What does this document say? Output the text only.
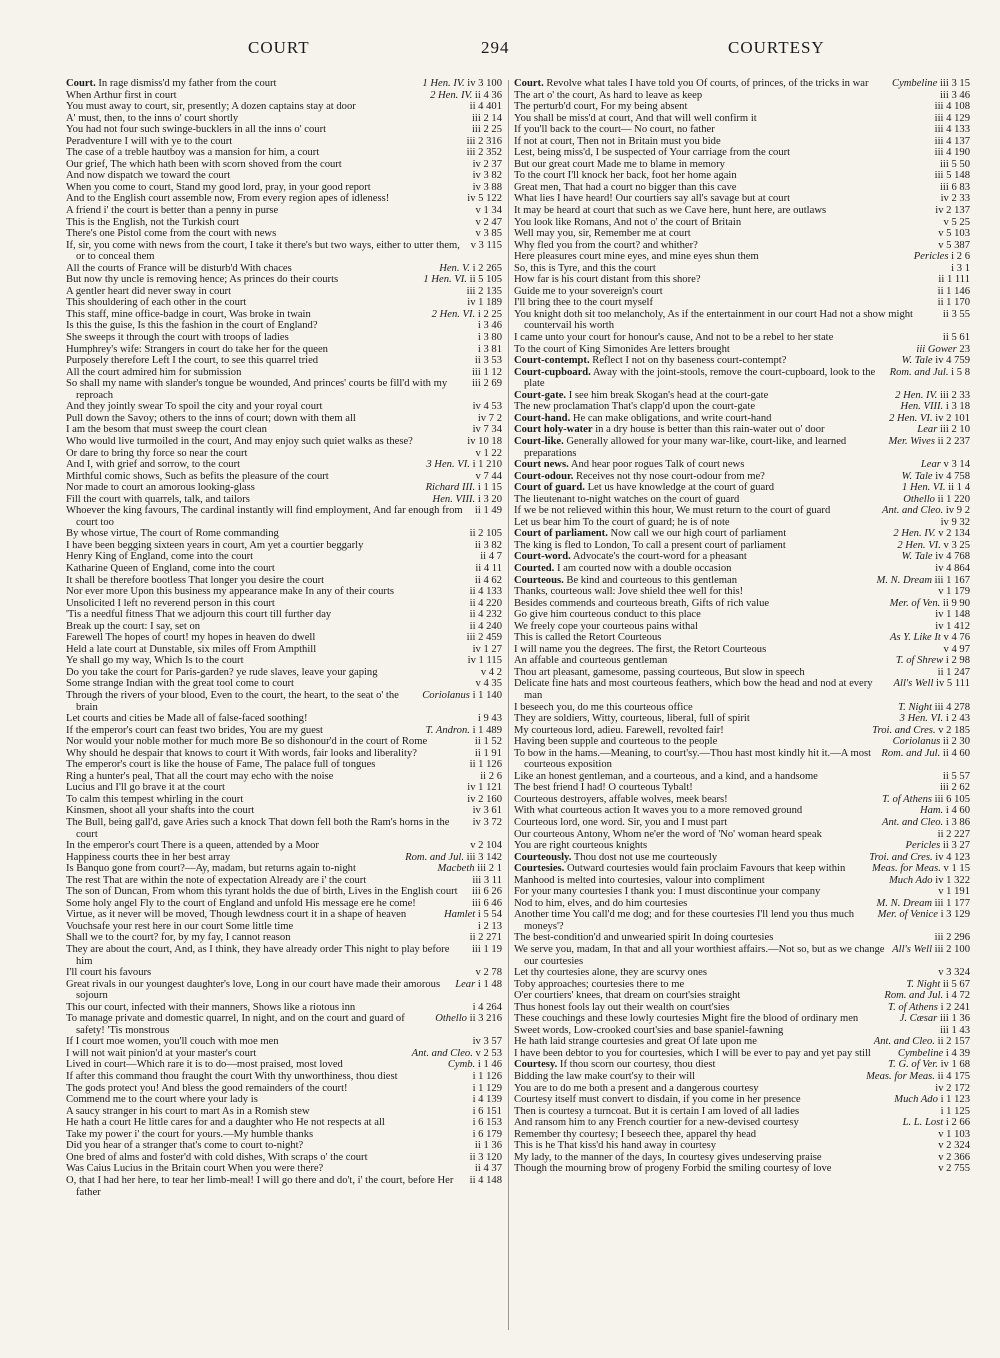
COURT	294	COURTESY
1 Hen. IV. iv 3 100
Court. In rage dismiss'd my father from the court
2 Hen. IV. ii 4 36
When Arthur first in court
ii 4 401
You must away to court, sir, presently; A dozen captains stay at door
iii 2 14
A' must, then, to the inns o' court shortly
iii 2 25
You had not four such swinge-bucklers in all the inns o' court
iii 2 316
Peradventure I will with ye to the court
iii 2 352
The case of a treble hautboy was a mansion for him, a court
iv 2 37
Our grief, The which hath been with scorn shoved from the court
iv 3 82
And now dispatch we toward the court
iv 3 88
When you come to court, Stand my good lord, pray, in your good report
iv 5 122
And to the English court assemble now, From every region apes of idleness!
v 1 34
A friend i' the court is better than a penny in purse
v 2 47
This is the English, not the Turkish court
v 3 85
There's one Pistol come from the court with news
v 3 115
If, sir, you come with news from the court, I take it there's but two ways, either to utter them, or to conceal them
Hen. V. i 2 265
All the courts of France will be disturb'd With chaces
1 Hen. VI. ii 5 105
But now thy uncle is removing hence; As princes do their courts
iii 2 135
A gentler heart did never sway in court
iv 1 189
This shouldering of each other in the court
2 Hen. VI. i 2 25
This staff, mine office-badge in court, Was broke in twain
i 3 46
Is this the guise, Is this the fashion in the court of England?
i 3 80
She sweeps it through the court with troops of ladies
i 3 81
Humphrey's wife: Strangers in court do take her for the queen
ii 3 53
Purposely therefore Left I the court, to see this quarrel tried
iii 1 12
All the court admired him for submission
iii 2 69
So shall my name with slander's tongue be wounded, And princes' courts be fill'd with my reproach
iv 4 53
And they jointly swear To spoil the city and your royal court
iv 7 2
Pull down the Savoy; others to the inns of court; down with them all
iv 7 34
I am the besom that must sweep the court clean
iv 10 18
Who would live turmoiled in the court, And may enjoy such quiet walks as these?
v 1 22
Or dare to bring thy force so near the court
3 Hen. VI. i 1 210
And I, with grief and sorrow, to the court
v 7 44
Mirthful comic shows, Such as befits the pleasure of the court
Richard III. i 1 15
Nor made to court an amorous looking-glass
Hen. VIII. i 3 20
Fill the court with quarrels, talk, and tailors
ii 1 49
Whoever the king favours, The cardinal instantly will find employment, And far enough from court too
ii 2 105
By whose virtue, The court of Rome commanding
ii 3 82
I have been begging sixteen years in court, Am yet a courtier beggarly
ii 4 7
Henry King of England, come into the court
ii 4 11
Katharine Queen of England, come into the court
ii 4 62
It shall be therefore bootless That longer you desire the court
ii 4 133
Nor ever more Upon this business my appearance make In any of their courts
ii 4 220
Unsolicited I left no reverend person in this court
ii 4 232
'Tis a needful fitness That we adjourn this court till further day
ii 4 240
Break up the court: I say, set on
iii 2 459
Farewell The hopes of court! my hopes in heaven do dwell
iv 1 27
Held a late court at Dunstable, six miles off From Ampthill
iv 1 115
Ye shall go my way, Which Is to the court
v 4 2
Do you take the court for Paris-garden? ye rude slaves, leave your gaping
v 4 35
Some strange Indian with the great tool come to court
Coriolanus i 1 140
Through the rivers of your blood, Even to the court, the heart, to the seat o' the brain
i 9 43
Let courts and cities be Made all of false-faced soothing!
T. Andron. i 1 489
If the emperor's court can feast two brides, You are my guest
ii 1 52
Nor would your noble mother for much more Be so dishonour'd in the court of Rome
ii 1 91
Why should he despair that knows to court it With words, fair looks and liberality?
ii 1 126
The emperor's court is like the house of Fame, The palace full of tongues
ii 2 6
Ring a hunter's peal, That all the court may echo with the noise
iv 1 121
Lucius and I'll go brave it at the court
iv 2 160
To calm this tempest whirling in the court
iv 3 61
Kinsmen, shoot all your shafts into the court
iv 3 72
The Bull, being gall'd, gave Aries such a knock That down fell both the Ram's horns in the court
v 2 104
In the emperor's court There is a queen, attended by a Moor
Rom. and Jul. iii 3 142
Happiness courts thee in her best array
Macbeth iii 2 1
Is Banquo gone from court?—Ay, madam, but returns again to-night
iii 3 11
The rest That are within the note of expectation Already are i' the court
iii 6 26
The son of Duncan, From whom this tyrant holds the due of birth, Lives in the English court
iii 6 46
Some holy angel Fly to the court of England and unfold His message ere he come!
Hamlet i 5 54
Virtue, as it never will be moved, Though lewdness court it in a shape of heaven
i 2 13
Vouchsafe your rest here in our court Some little time
ii 2 271
Shall we to the court? for, by my fay, I cannot reason
iii 1 19
They are about the court, And, as I think, they have already order This night to play before him
v 2 78
I'll court his favours
Lear i 1 48
Great rivals in our youngest daughter's love, Long in our court have made their amorous sojourn
i 4 264
This our court, infected with their manners, Shows like a riotous inn
Othello ii 3 216
To manage private and domestic quarrel, In night, and on the court and guard of safety! 'Tis monstrous
iv 3 57
If I court moe women, you'll couch with moe men
Ant. and Cleo. v 2 53
I will not wait pinion'd at your master's court
Cymb. i 1 46
Lived in court—Which rare it is to do—most praised, most loved
i 1 126
If after this command thou fraught the court With thy unworthiness, thou diest
i 1 129
The gods protect you! And bless the good remainders of the court!
i 4 139
Commend me to the court where your lady is
i 6 151
A saucy stranger in his court to mart As in a Romish stew
i 6 153
He hath a court He little cares for and a daughter who He not respects at all
i 6 179
Take my power i' the court for yours.—My humble thanks
ii 1 36
Did you hear of a stranger that's come to court to-night?
ii 3 120
One bred of alms and foster'd with cold dishes, With scraps o' the court
ii 4 37
Was Caius Lucius in the Britain court When you were there?
ii 4 148
O, that I had her here, to tear her limb-meal! I will go there and do't, i' the court, before Her father
Cymbeline iii 3 15
Court. Revolve what tales I have told you Of courts, of princes, of the tricks in war
iii 3 46
The art o' the court, As hard to leave as keep
iii 4 108
The perturb'd court, For my being absent
iii 4 129
You shall be miss'd at court, And that will well confirm it
iii 4 133
If you'll back to the court— No court, no father
iii 4 137
If not at court, Then not in Britain must you bide
iii 4 190
Lest, being miss'd, I be suspected of Your carriage from the court
iii 5 50
But our great court Made me to blame in memory
iii 5 148
To the court I'll knock her back, foot her home again
iii 6 83
Great men, That had a court no bigger than this cave
iv 2 33
What lies I have heard! Our courtiers say all's savage but at court
iv 2 137
It may be heard at court that such as we Cave here, hunt here, are outlaws
v 5 25
You look like Romans, And not o' the court of Britain
v 5 103
Well may you, sir, Remember me at court
v 5 387
Why fled you from the court? and whither?
Pericles i 2 6
Here pleasures court mine eyes, and mine eyes shun them
i 3 1
So, this is Tyre, and this the court
ii 1 111
How far is his court distant from this shore?
ii 1 146
Guide me to your sovereign's court
ii 1 170
I'll bring thee to the court myself
ii 3 55
You knight doth sit too melancholy, As if the entertainment in our court Had not a show might countervail his worth
ii 5 61
I came unto your court for honour's cause, And not to be a rebel to her state
iii Gower 23
To the court of King Simonides Are letters brought
W. Tale iv 4 759
Court-contempt. Reflect I not on thy baseness court-contempt?
Rom. and Jul. i 5 8
Court-cupboard. Away with the joint-stools, remove the court-cupboard, look to the plate
2 Hen. IV. iii 2 33
Court-gate. I see him break Skogan's head at the court-gate
Hen. VIII. i 3 18
The new proclamation That's clapp'd upon the court-gate
2 Hen. VI. iv 2 101
Court-hand. He can make obligations, and write court-hand
Lear iii 2 10
Court holy-water in a dry house is better than this rain-water out o' door
Mer. Wives ii 2 237
Court-like. Generally allowed for your many war-like, court-like, and learned preparations
Lear v 3 14
Court news. And hear poor rogues Talk of court news
W. Tale iv 4 758
Court-odour. Receives not thy nose court-odour from me?
1 Hen. VI. ii 1 4
Court of guard. Let us have knowledge at the court of guard
Othello ii 1 220
The lieutenant to-night watches on the court of guard
Ant. and Cleo. iv 9 2
If we be not relieved within this hour, We must return to the court of guard
iv 9 32
Let us bear him To the court of guard; he is of note
2 Hen. IV. v 2 134
Court of parliament. Now call we our high court of parliament
2 Hen. VI. v 3 25
The king is fled to London, To call a present court of parliament
W. Tale iv 4 768
Court-word. Advocate's the court-word for a pheasant
iv 4 864
Courted. I am courted now with a double occasion
M. N. Dream iii 1 167
Courteous. Be kind and courteous to this gentleman
v 1 179
Thanks, courteous wall: Jove shield thee well for this!
Mer. of Ven. ii 9 90
Besides commends and courteous breath, Gifts of rich value
iv 1 148
Go give him courteous conduct to this place
iv 1 412
We freely cope your courteous pains withal
As Y. Like It v 4 76
This is called the Retort Courteous
v 4 97
I will name you the degrees. The first, the Retort Courteous
T. of Shrew i 2 98
An affable and courteous gentleman
ii 1 247
Thou art pleasant, gamesome, passing courteous, But slow in speech
All's Well iv 5 111
Delicate fine hats and most courteous feathers, which bow the head and nod at every man
T. Night iii 4 278
I beseech you, do me this courteous office
3 Hen. VI. i 2 43
They are soldiers, Witty, courteous, liberal, full of spirit
Troi. and Cres. v 2 185
My courteous lord, adieu. Farewell, revolted fair!
Coriolanus ii 2 30
Having been supple and courteous to the people
Rom. and Jul. ii 4 60
To bow in the hams.—Meaning, to court'sy.—Thou hast most kindly hit it.—A most courteous exposition
ii 5 57
Like an honest gentleman, and a courteous, and a kind, and a handsome
iii 2 62
The best friend I had! O courteous Tybalt!
T. of Athens iii 6 105
Courteous destroyers, affable wolves, meek bears!
Ham. i 4 60
With what courteous action It waves you to a more removed ground
Ant. and Cleo. i 3 86
Courteous lord, one word. Sir, you and I must part
ii 2 227
Our courteous Antony, Whom ne'er the word of 'No' woman heard speak
Pericles ii 3 27
You are right courteous knights
Troi. and Cres. iv 4 123
Courteously. Thou dost not use me courteously
Meas. for Meas. v 1 15
Courtesies. Outward courtesies would fain proclaim Favours that keep within
Much Ado iv 1 322
Manhood is melted into courtesies, valour into compliment
v 1 191
For your many courtesies I thank you: I must discontinue your company
M. N. Dream iii 1 177
Nod to him, elves, and do him courtesies
Mer. of Venice i 3 129
Another time You call'd me dog; and for these courtesies I'll lend you thus much moneys'?
iii 2 296
The best-condition'd and unwearied spirit In doing courtesies
All's Well iii 2 100
We serve you, madam, In that and all your worthiest affairs.—Not so, but as we change our courtesies
v 3 324
Let thy courtesies alone, they are scurvy ones
T. Night ii 5 67
Toby approaches; courtesies there to me
Rom. and Jul. i 4 72
O'er courtiers' knees, that dream on court'sies straight
T. of Athens i 2 241
Thus honest fools lay out their wealth on court'sies
J. Cæsar iii 1 36
These couchings and these lowly courtesies Might fire the blood of ordinary men
iii 1 43
Sweet words, Low-crooked court'sies and base spaniel-fawning
Ant. and Cleo. ii 2 157
He hath laid strange courtesies and great Of late upon me
Cymbeline i 4 39
I have been debtor to you for courtesies, which I will be ever to pay and yet pay still
T. G. of Ver. iv 1 68
Courtesy. If thou scorn our courtesy, thou diest
Meas. for Meas. ii 4 175
Bidding the law make court'sy to their will
iv 2 172
You are to do me both a present and a dangerous courtesy
Much Ado i 1 123
Courtesy itself must convert to disdain, if you come in her presence
i 1 125
Then is courtesy a turncoat. But it is certain I am loved of all ladies
L. L. Lost i 2 66
And ransom him to any French courtier for a new-devised courtesy
v 1 103
Remember thy courtesy; I beseech thee, apparel thy head
v 2 324
This is he That kiss'd his hand away in courtesy
v 2 366
My lady, to the manner of the days, In courtesy gives undeserving praise
v 2 755
Though the mourning brow of progeny Forbid the smiling courtesy of love
